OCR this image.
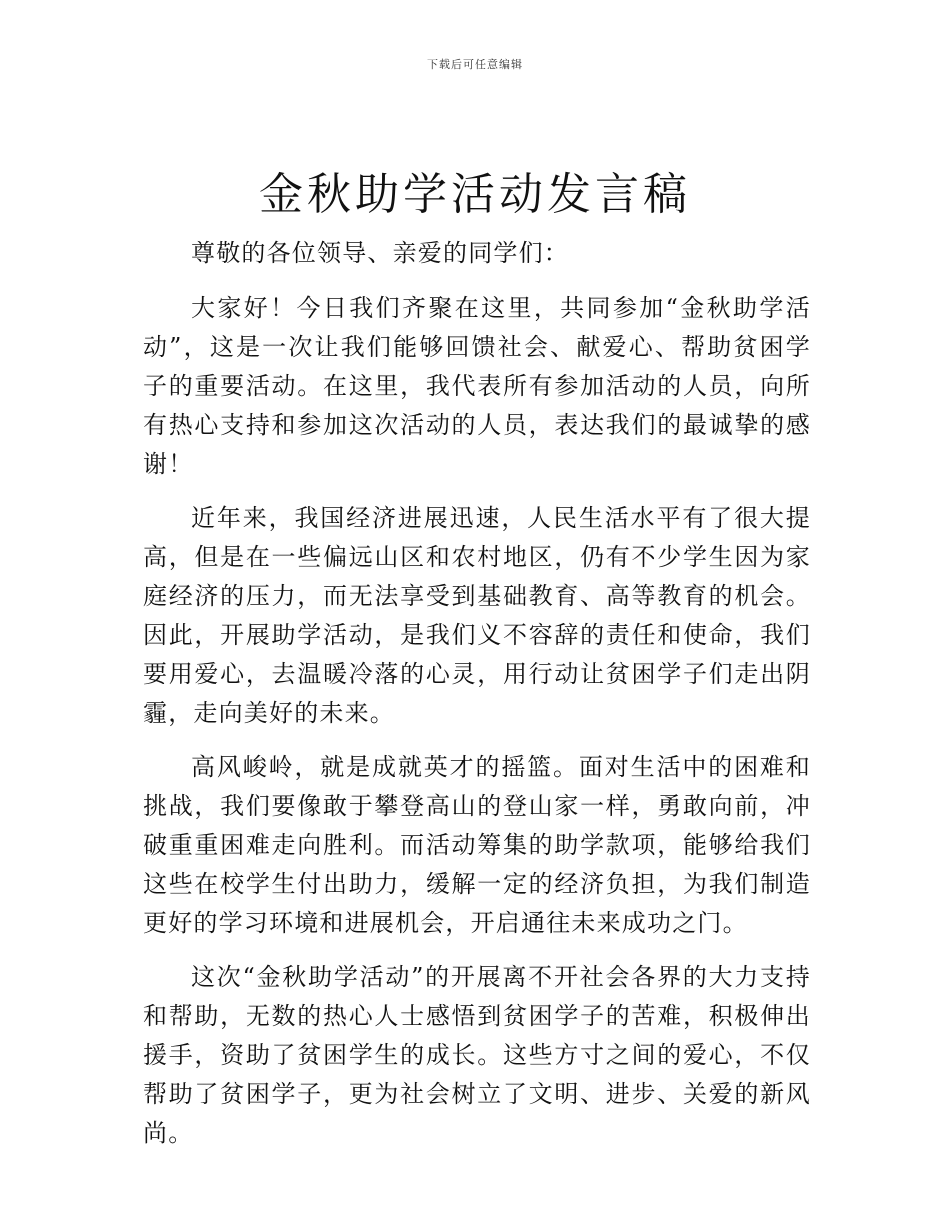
下载后可任意编辑
金秋助学活动发言稿

尊敬的各位领导、亲爱的同学们：

大家好！今日我们齐聚在这里，共同参加“金秋助学活动”，这是一次让我们能够回馈社会、献爱心、帮助贫困学子的重要活动。在这里，我代表所有参加活动的人员，向所有热心支持和参加这次活动的人员，表达我们的最诚挚的感谢！

近年来，我国经济进展迅速，人民生活水平有了很大提高，但是在一些偏远山区和农村地区，仍有不少学生因为家庭经济的压力，而无法享受到基础教育、高等教育的机会。因此，开展助学活动，是我们义不容辞的责任和使命，我们要用爱心，去温暖冷落的心灵，用行动让贫困学子们走出阴霾，走向美好的未来。

高风峻岭，就是成就英才的摇篮。面对生活中的困难和挑战，我们要像敢于攀登高山的登山家一样，勇敢向前，冲破重重困难走向胜利。而活动筹集的助学款项，能够给我们这些在校学生付出助力，缓解一定的经济负担，为我们制造更好的学习环境和进展机会，开启通往未来成功之门。

这次“金秋助学活动”的开展离不开社会各界的大力支持和帮助，无数的热心人士感悟到贫困学子的苦难，积极伸出援手，资助了贫困学生的成长。这些方寸之间的爱心，不仅帮助了贫困学子，更为社会树立了文明、进步、关爱的新风尚。
